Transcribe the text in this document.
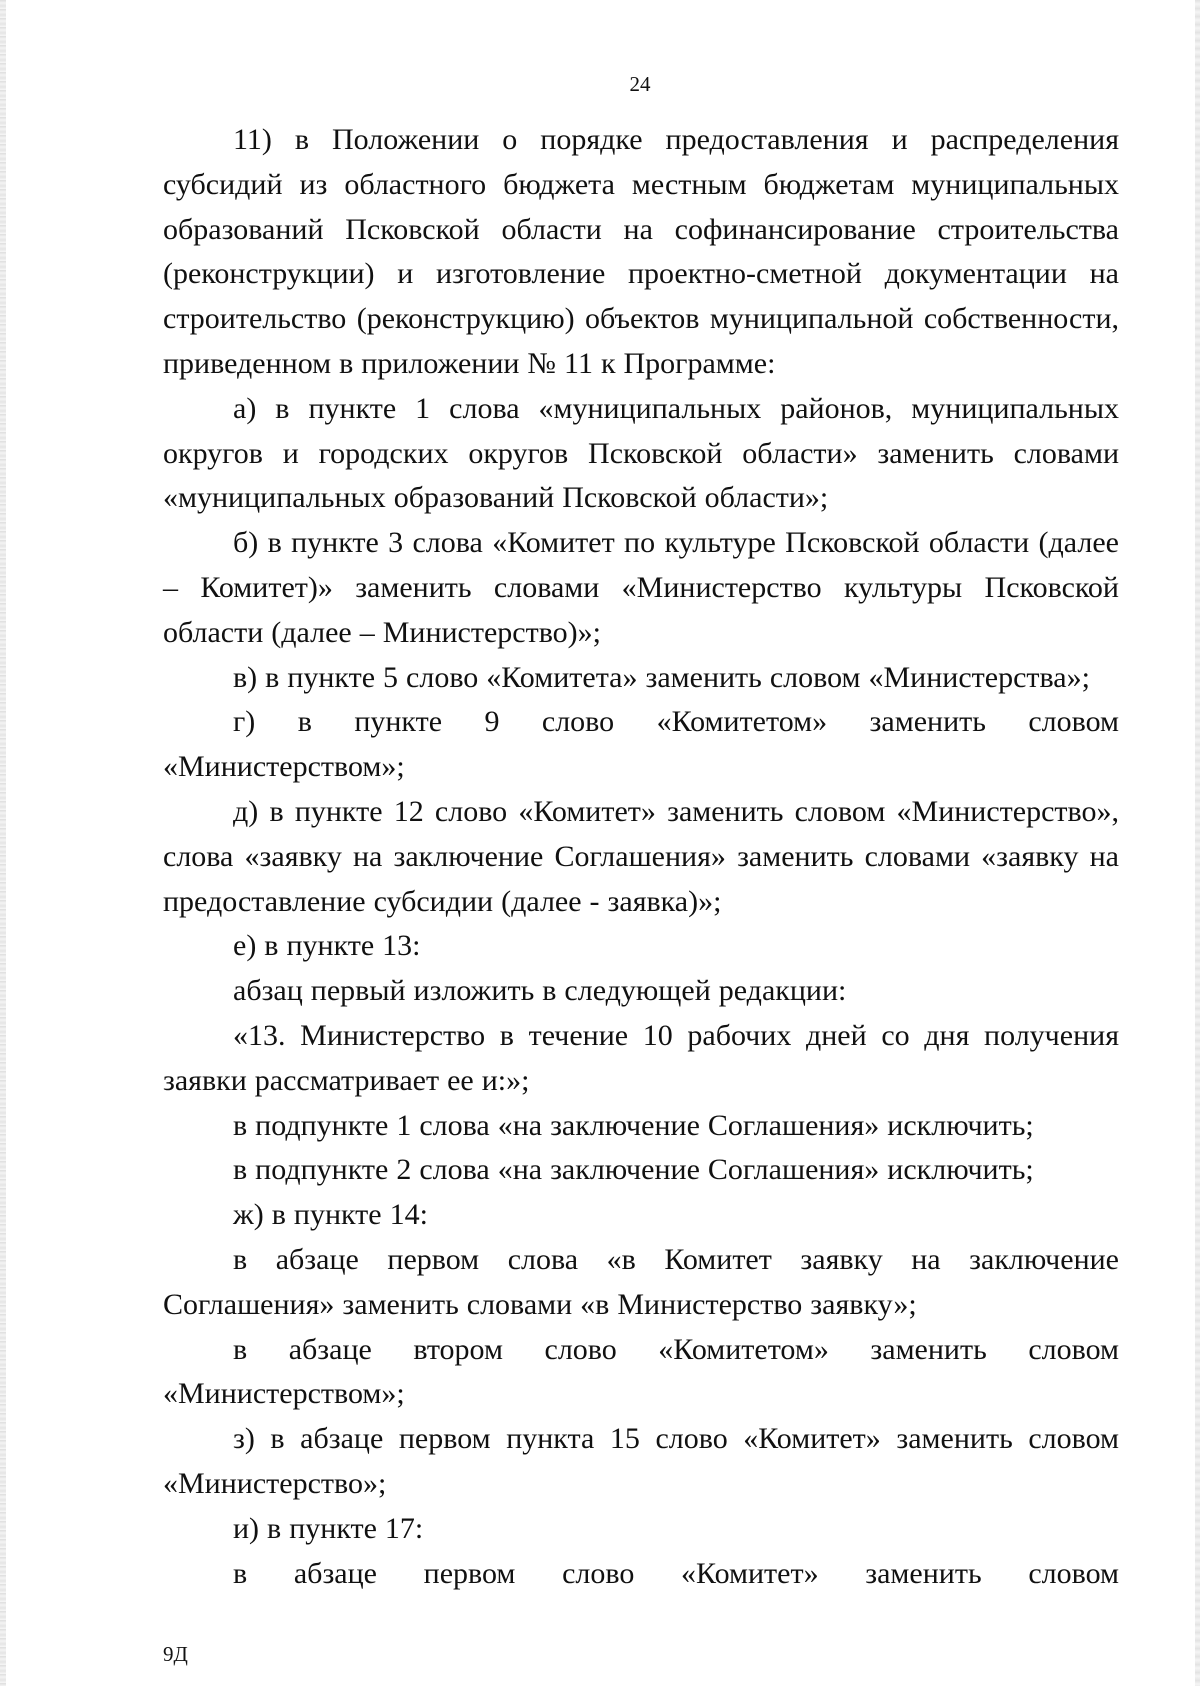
24

11) в Положении о порядке предоставления и распределения субсидий из областного бюджета местным бюджетам муниципальных образований Псковской области на софинансирование строительства (реконструкции) и изготовление проектно-сметной документации на строительство (реконструкцию) объектов муниципальной собственности, приведенном в приложении № 11 к Программе:

а) в пункте 1 слова «муниципальных районов, муниципальных округов и городских округов Псковской области» заменить словами «муниципальных образований Псковской области»;

б) в пункте 3 слова «Комитет по культуре Псковской области (далее – Комитет)» заменить словами «Министерство культуры Псковской области (далее – Министерство)»;

в) в пункте 5 слово «Комитета» заменить словом «Министерства»;

г) в пункте 9 слово «Комитетом» заменить словом «Министерством»;

д) в пункте 12 слово «Комитет» заменить словом «Министерство», слова «заявку на заключение Соглашения» заменить словами «заявку на предоставление субсидии (далее - заявка)»;

е) в пункте 13:

абзац первый изложить в следующей редакции:

«13. Министерство в течение 10 рабочих дней со дня получения заявки рассматривает ее и:»;

в подпункте 1 слова «на заключение Соглашения» исключить;

в подпункте 2 слова «на заключение Соглашения» исключить;

ж) в пункте 14:

в абзаце первом слова «в Комитет заявку на заключение Соглашения» заменить словами «в Министерство заявку»;

в абзаце втором слово «Комитетом» заменить словом «Министерством»;

з) в абзаце первом пункта 15 слово «Комитет» заменить словом «Министерство»;

и) в пункте 17:

в абзаце первом слово «Комитет» заменить словом

9Д
